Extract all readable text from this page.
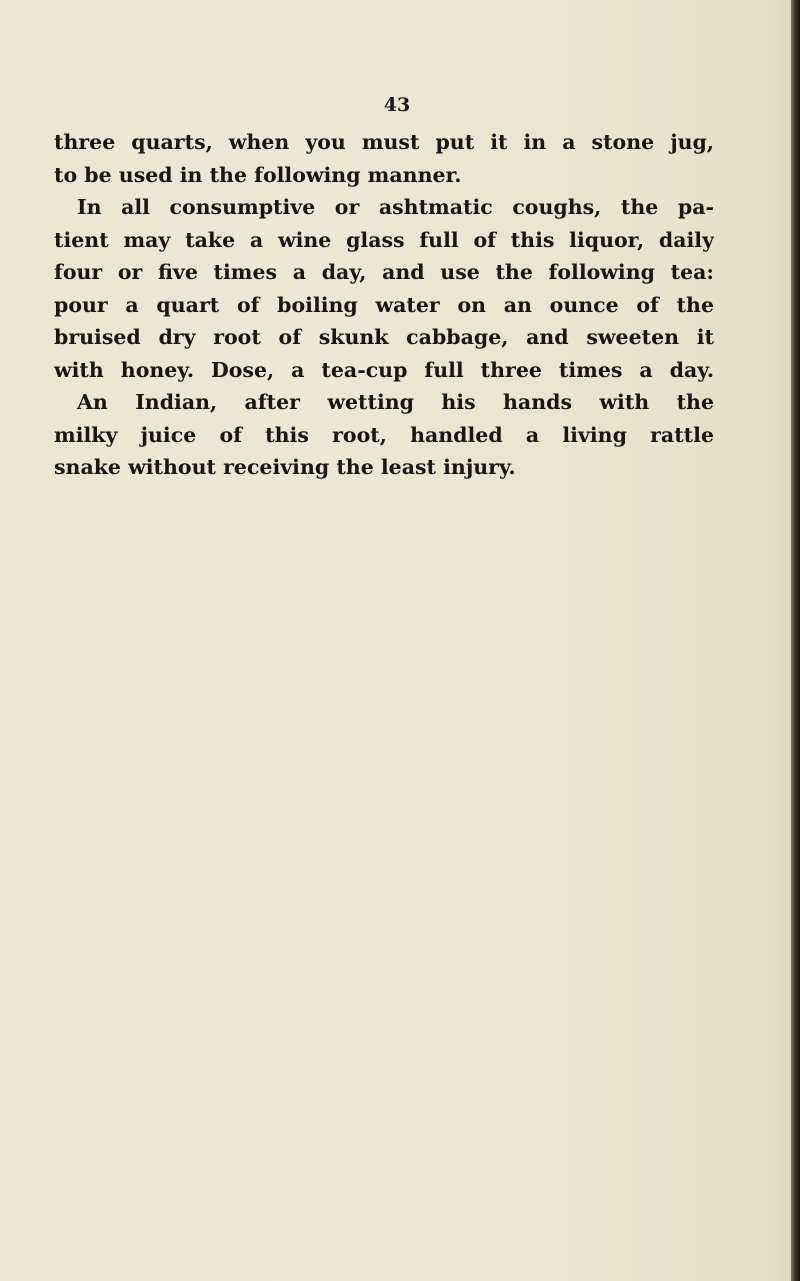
43
three quarts, when you must put it in a stone jug,
to be used in the following manner.
In all consumptive or ashtmatic coughs, the pa-
tient may take a wine glass full of this liquor, daily
four or five times a day, and use the following tea:
pour a quart of boiling water on an ounce of the
bruised dry root of skunk cabbage, and sweeten it
with honey. Dose, a tea-cup full three times a day.
An Indian, after wetting his hands with the
milky juice of this root, handled a living rattle
snake without receiving the least injury.
